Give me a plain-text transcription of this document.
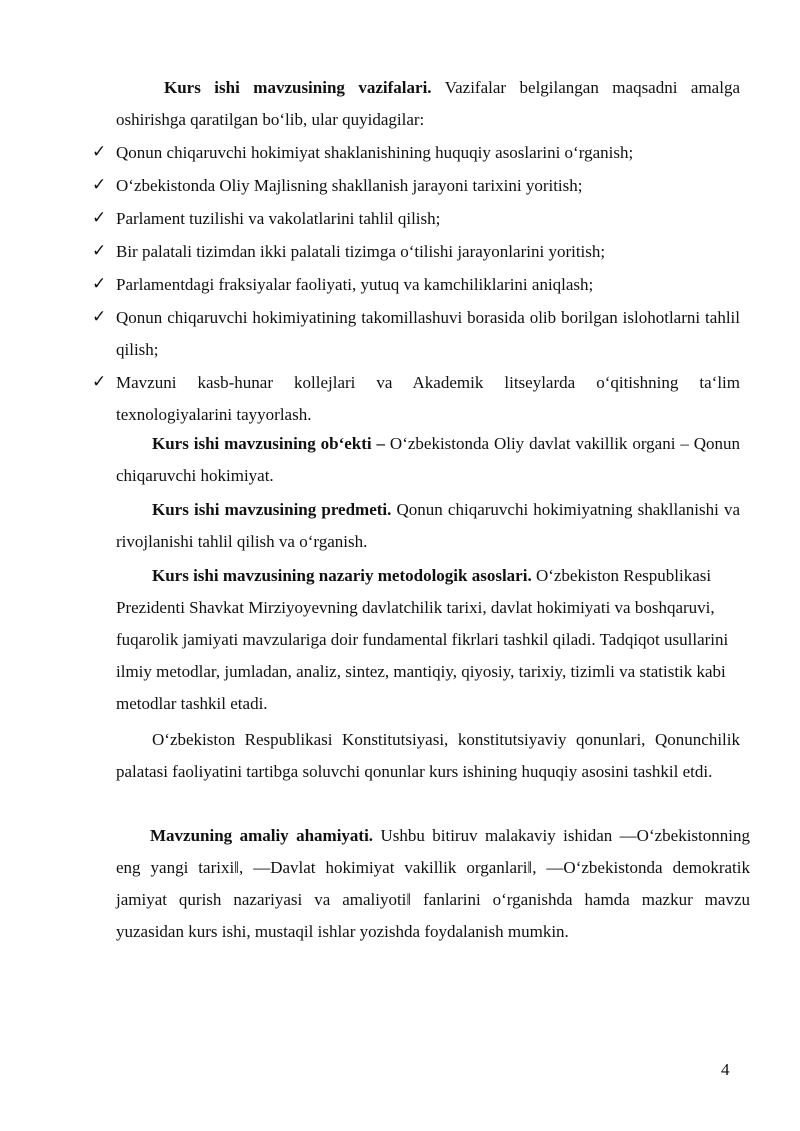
Kurs ishi mavzusining vazifalari. Vazifalar belgilangan maqsadni amalga oshirishga qaratilgan bo‘lib, ular quyidagilar:
✓ Qonun chiqaruvchi hokimiyat shaklanishining huquqiy asoslarini o‘rganish;
✓ O‘zbekistonda Oliy Majlisning shakllanish jarayoni tarixini yoritish;
✓ Parlament tuzilishi va vakolatlarini tahlil qilish;
✓ Bir palatali tizimdan ikki palatali tizimga o‘tilishi jarayonlarini yoritish;
✓ Parlamentdagi fraksiyalar faoliyati, yutuq va kamchiliklarini aniqlash;
✓ Qonun chiqaruvchi hokimiyatining takomillashuvi borasida olib borilgan islohotlarni tahlil qilish;
✓ Mavzuni kasb-hunar kollejlari va Akademik litseylarda o‘qitishning ta‘lim texnologiyalarini tayyorlash.
Kurs ishi mavzusining ob‘ekti – O‘zbekistonda Oliy davlat vakillik organi – Qonun chiqaruvchi hokimiyat.
Kurs ishi mavzusining predmeti. Qonun chiqaruvchi hokimiyatning shakllanishi va rivojlanishi tahlil qilish va o‘rganish.
Kurs ishi mavzusining nazariy metodologik asoslari. O‘zbekiston Respublikasi Prezidenti Shavkat Mirziyoyevning davlatchilik tarixi, davlat hokimiyati va boshqaruvi, fuqarolik jamiyati mavzulariga doir fundamental fikrlari tashkil qiladi. Tadqiqot usullarini ilmiy metodlar, jumladan, analiz, sintez, mantiqiy, qiyosiy, tarixiy, tizimli va statistik kabi metodlar tashkil etadi.
O‘zbekiston Respublikasi Konstitutsiyasi, konstitutsiyaviy qonunlari, Qonunchilik palatasi faoliyatini tartibga soluvchi qonunlar kurs ishining huquqiy asosini tashkil etdi.
Mavzuning amaliy ahamiyati. Ushbu bitiruv malakaviy ishidan ―O‘zbekistonning eng yangi tarixi‖, ―Davlat hokimiyat vakillik organlari‖, ―O‘zbekistonda demokratik jamiyat qurish nazariyasi va amaliyoti‖ fanlarini o‘rganishda hamda mazkur mavzu yuzasidan kurs ishi, mustaqil ishlar yozishda foydalanish mumkin.
4
